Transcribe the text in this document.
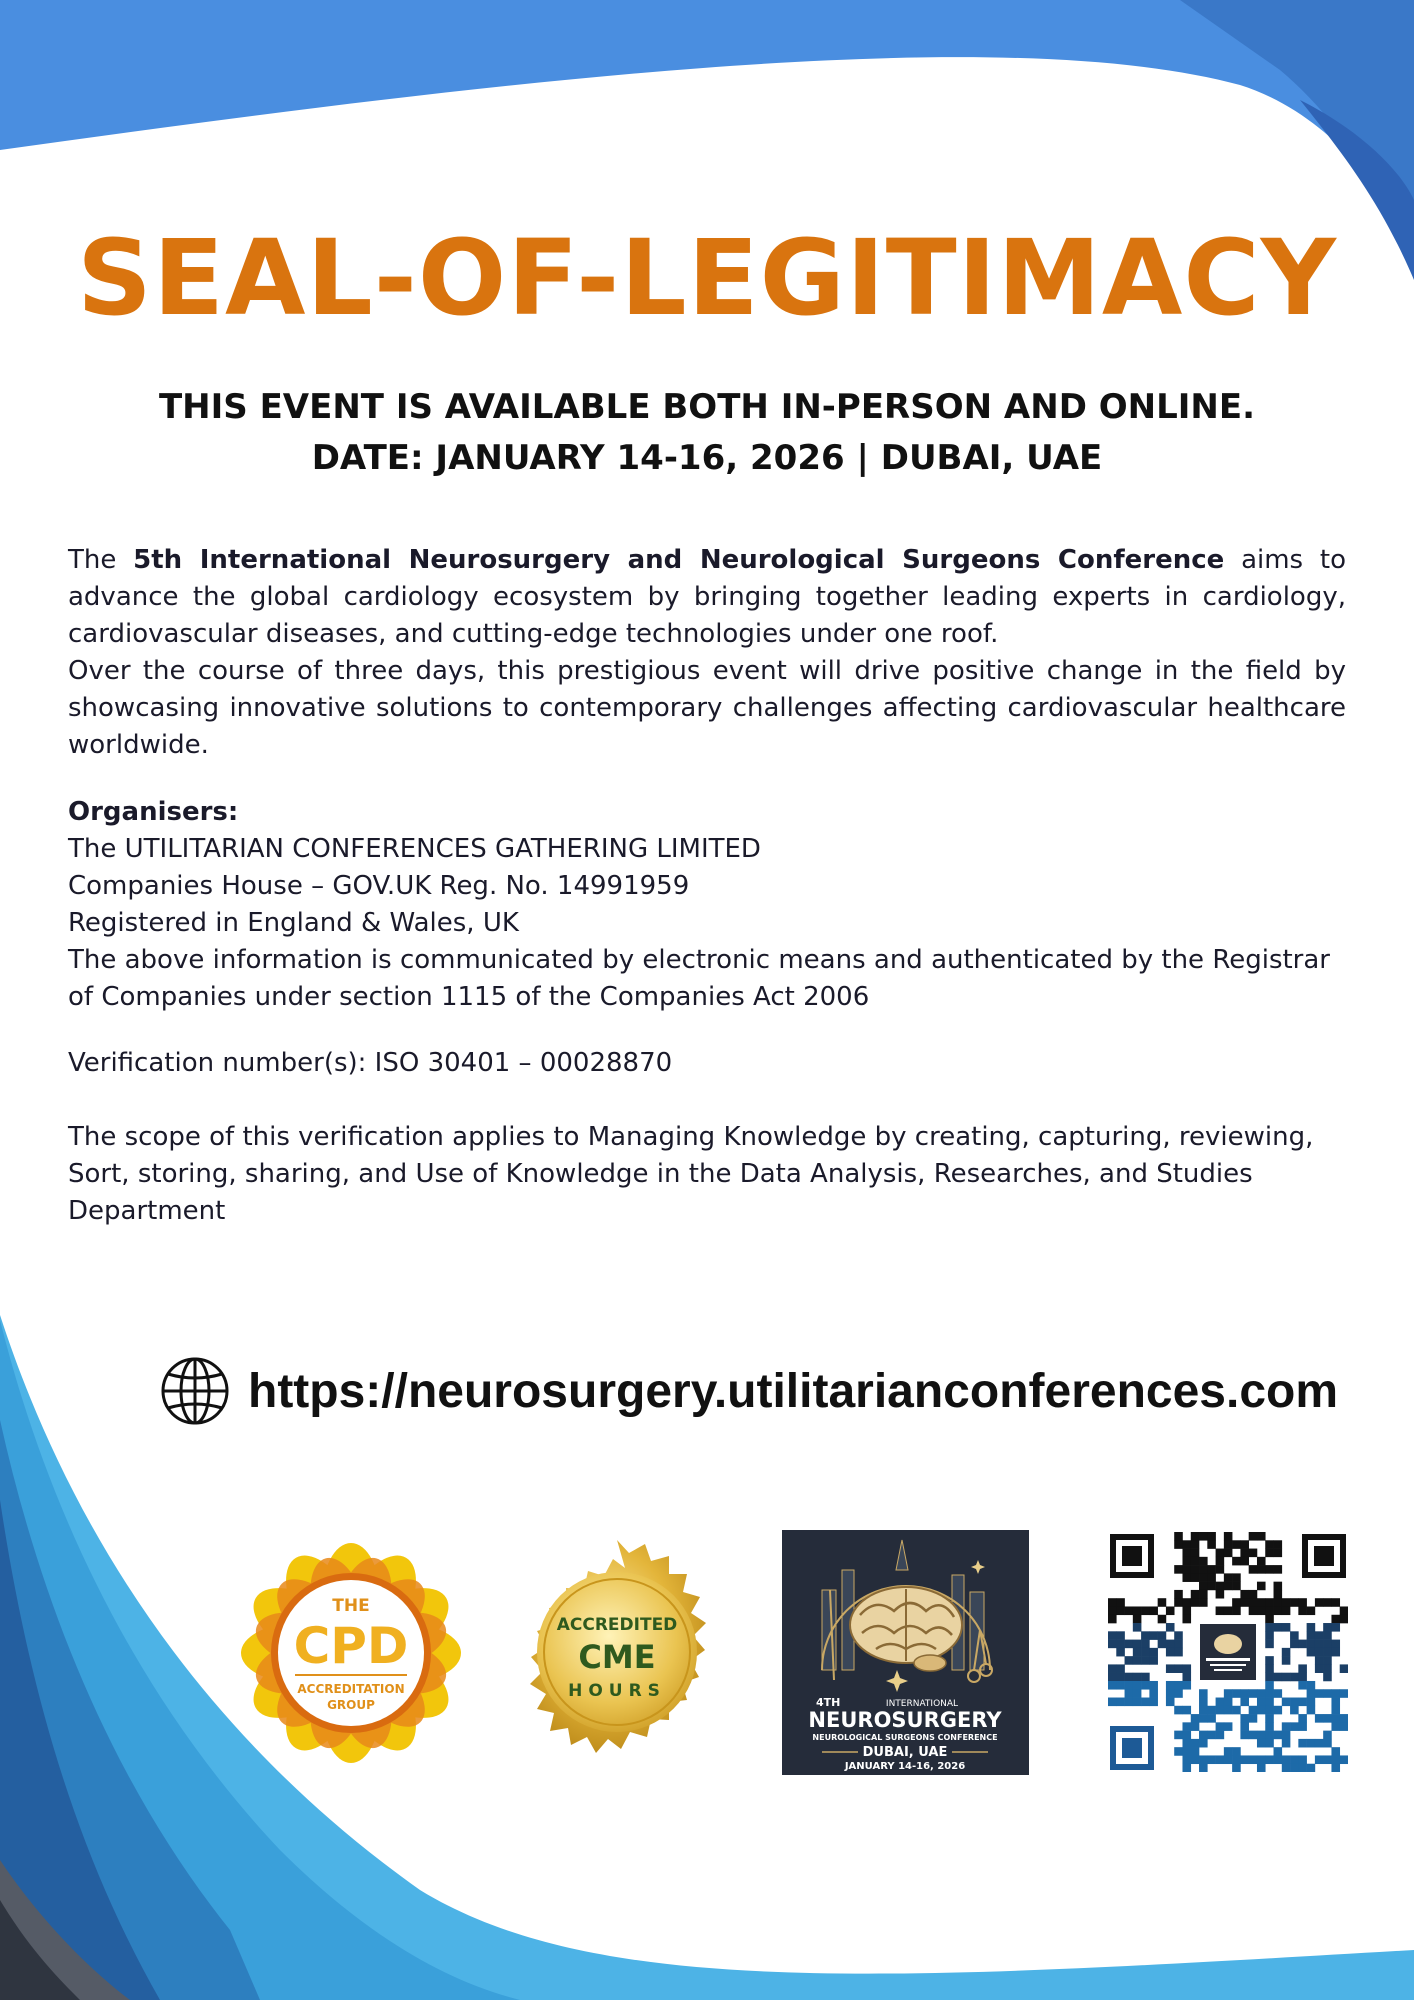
SEAL-OF-LEGITIMACY
THIS EVENT IS AVAILABLE BOTH IN-PERSON AND ONLINE.
DATE: JANUARY 14-16, 2026 | DUBAI, UAE

The 5th International Neurosurgery and Neurological Surgeons Conference aims to advance the global cardiology ecosystem by bringing together leading experts in cardiology, cardiovascular diseases, and cutting-edge technologies under one roof.

Over the course of three days, this prestigious event will drive positive change in the field by showcasing innovative solutions to contemporary challenges affecting cardiovascular healthcare worldwide.

Organisers:
The UTILITARIAN CONFERENCES GATHERING LIMITED
Companies House – GOV.UK Reg. No. 14991959
Registered in England & Wales, UK
The above information is communicated by electronic means and authenticated by the Registrar
of Companies under section 1115 of the Companies Act 2006
Verification number(s): ISO 30401 – 00028870
The scope of this verification applies to Managing Knowledge by creating, capturing, reviewing, Sort, storing, sharing, and Use of Knowledge in the Data Analysis, Researches, and Studies Department
https://neurosurgery.utilitarianconferences.com
THE
CPD
ACCREDITATION
GROUP
ACCREDITED
CME
HOURS
4TH	INTERNATIONAL
NEUROSURGERY
NEUROLOGICAL SURGEONS CONFERENCE
DUBAI, UAE
JANUARY 14-16, 2026
